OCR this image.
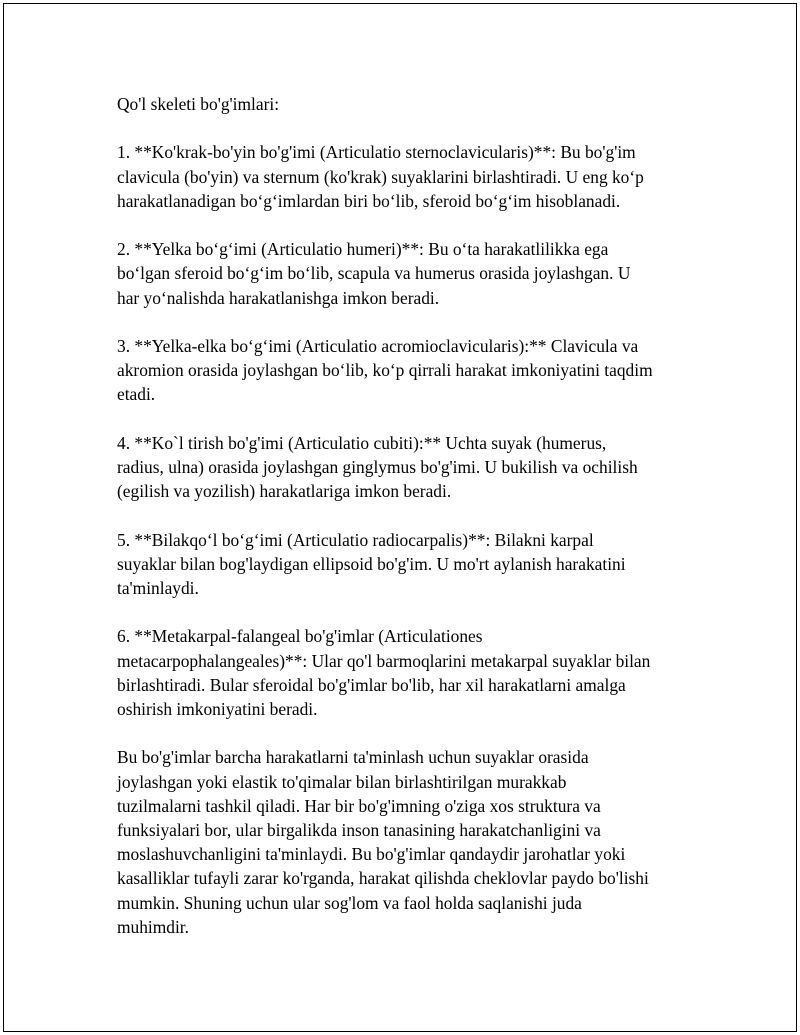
Qo'l skeleti bo'g'imlari:
1. **Ko'krak-bo'yin bo'g'imi (Articulatio sternoclavicularis)**: Bu bo'g'im
clavicula (bo'yin) va sternum (ko'krak) suyaklarini birlashtiradi. U eng ko‘p
harakatlanadigan bo‘g‘imlardan biri bo‘lib, sferoid bo‘g‘im hisoblanadi.
2. **Yelka bo‘g‘imi (Articulatio humeri)**: Bu o‘ta harakatlilikka ega
bo‘lgan sferoid bo‘g‘im bo‘lib, scapula va humerus orasida joylashgan. U
har yo‘nalishda harakatlanishga imkon beradi.
3. **Yelka-elka bo‘g‘imi (Articulatio acromioclavicularis):** Clavicula va
akromion orasida joylashgan bo‘lib, ko‘p qirrali harakat imkoniyatini taqdim
etadi.
4. **Ko`l tirish bo'g'imi (Articulatio cubiti):** Uchta suyak (humerus,
radius, ulna) orasida joylashgan ginglymus bo'g'imi. U bukilish va ochilish
(egilish va yozilish) harakatlariga imkon beradi.
5. **Bilakqo‘l bo‘g‘imi (Articulatio radiocarpalis)**: Bilakni karpal
suyaklar bilan bog'laydigan ellipsoid bo'g'im. U mo'rt aylanish harakatini
ta'minlaydi.
6. **Metakarpal-falangeal bo'g'imlar (Articulationes
metacarpophalangeales)**: Ular qo'l barmoqlarini metakarpal suyaklar bilan
birlashtiradi. Bular sferoidal bo'g'imlar bo'lib, har xil harakatlarni amalga
oshirish imkoniyatini beradi.
Bu bo'g'imlar barcha harakatlarni ta'minlash uchun suyaklar orasida
joylashgan yoki elastik to'qimalar bilan birlashtirilgan murakkab
tuzilmalarni tashkil qiladi. Har bir bo'g'imning o'ziga xos struktura va
funksiyalari bor, ular birgalikda inson tanasining harakatchanligini va
moslashuvchanligini ta'minlaydi. Bu bo'g'imlar qandaydir jarohatlar yoki
kasalliklar tufayli zarar ko'rganda, harakat qilishda cheklovlar paydo bo'lishi
mumkin. Shuning uchun ular sog'lom va faol holda saqlanishi juda
muhimdir.
